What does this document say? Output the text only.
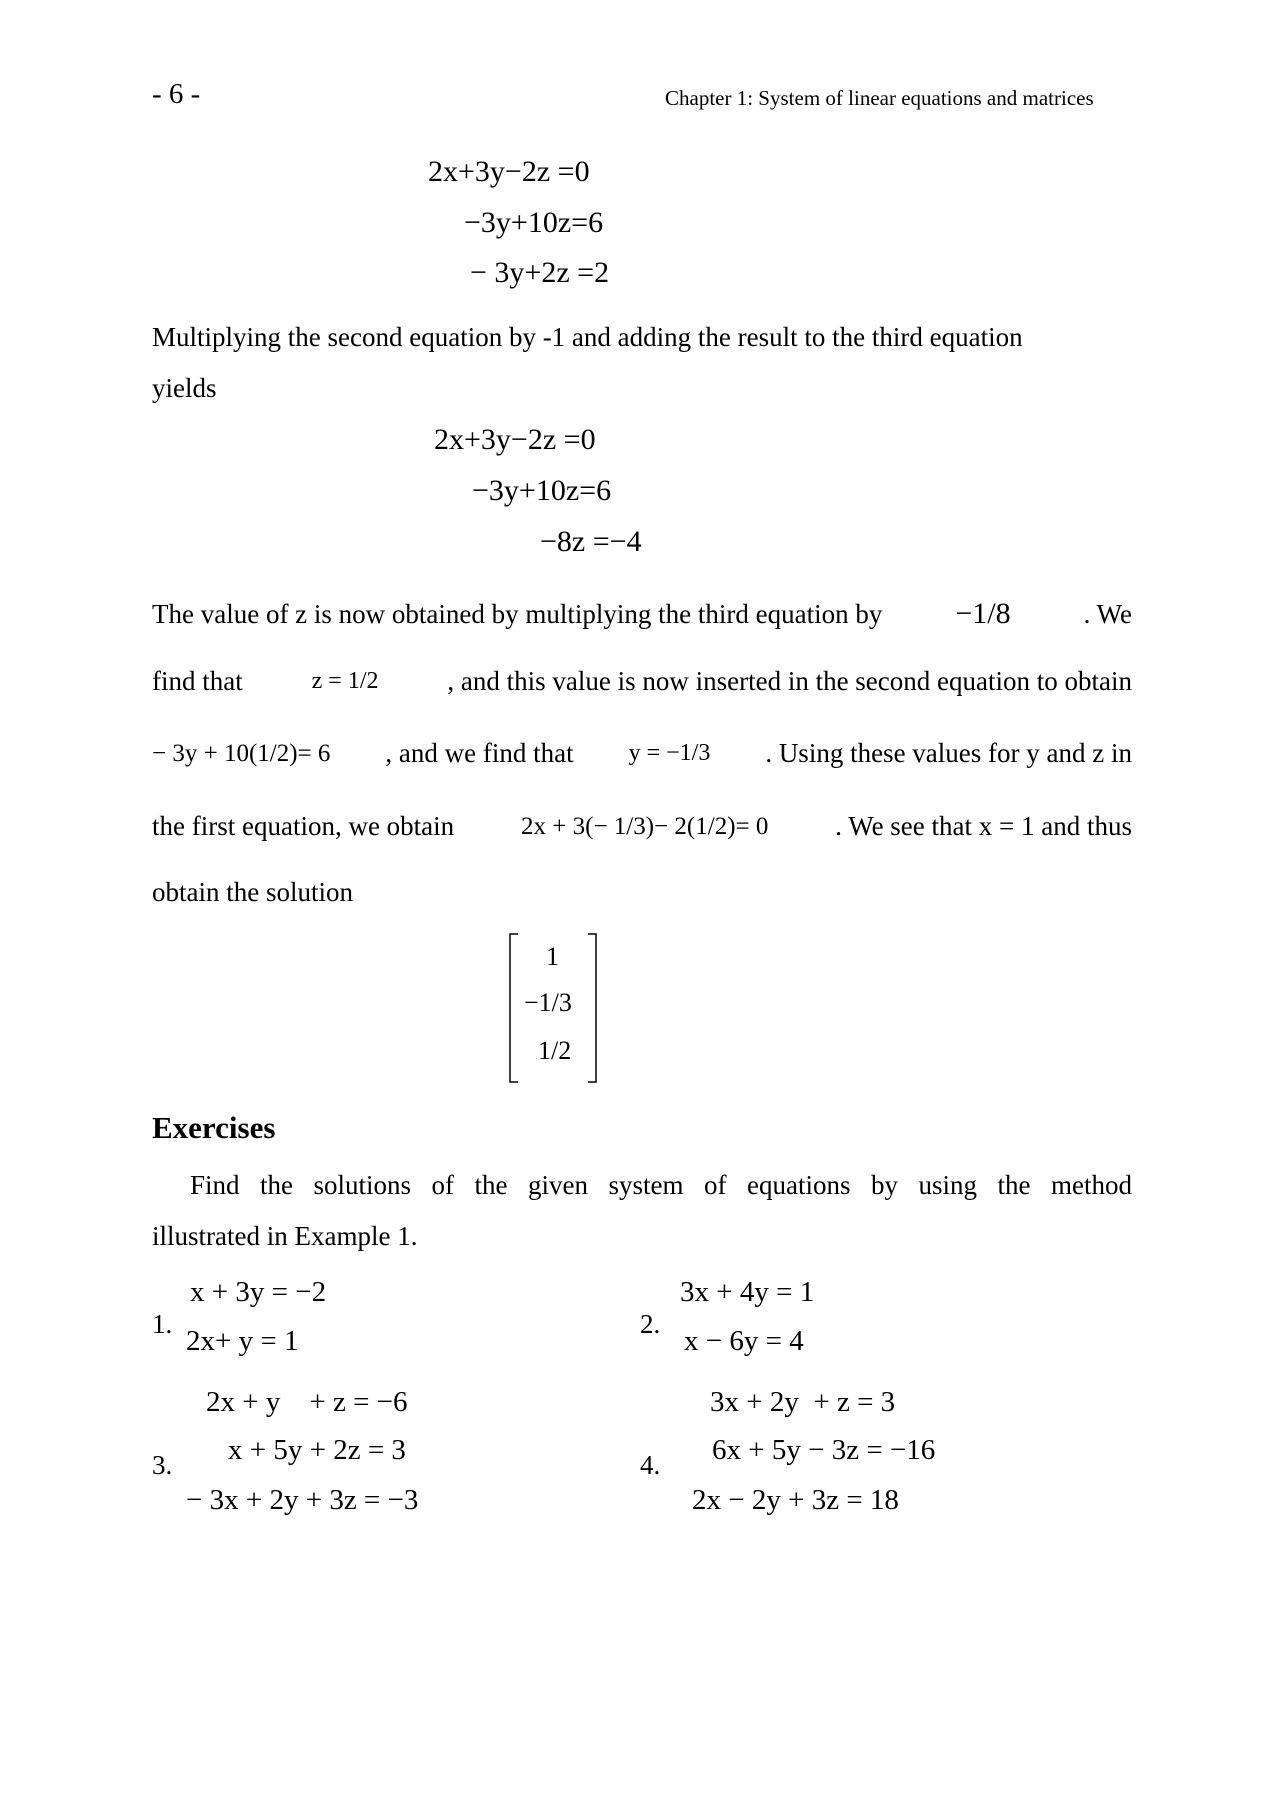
- 6 -	Chapter 1: System of linear equations and matrices
2x+3y−2z =0
−3y+10z=6
− 3y+2z =2
Multiplying the second equation by -1 and adding the result to the third equation
yields
2x+3y−2z =0
−3y+10z=6
−8z =−4
The value of z is now obtained by multiplying the third equation by −1/8	. We
find that	z = 1/2	, and this value is now inserted in the second equation to obtain
− 3y + 10(1/2)= 6 , and we find that y = −1/3 . Using these values for y and z in
the first equation, we obtain	2x + 3(− 1/3)− 2(1/2)= 0 . We see that x = 1 and thus
obtain the solution
1
−1/3
1/2
Exercises
Find the solutions of the given system of equations by using the method
illustrated in Example 1.
1.
x + 3y = −2
2x+ y = 1
2.
3x + 4y = 1
x − 6y = 4
3.
2x + y    + z = −6
x + 5y + 2z = 3
− 3x + 2y + 3z = −3
4.
3x + 2y  + z = 3
6x + 5y − 3z = −16
2x − 2y + 3z = 18
